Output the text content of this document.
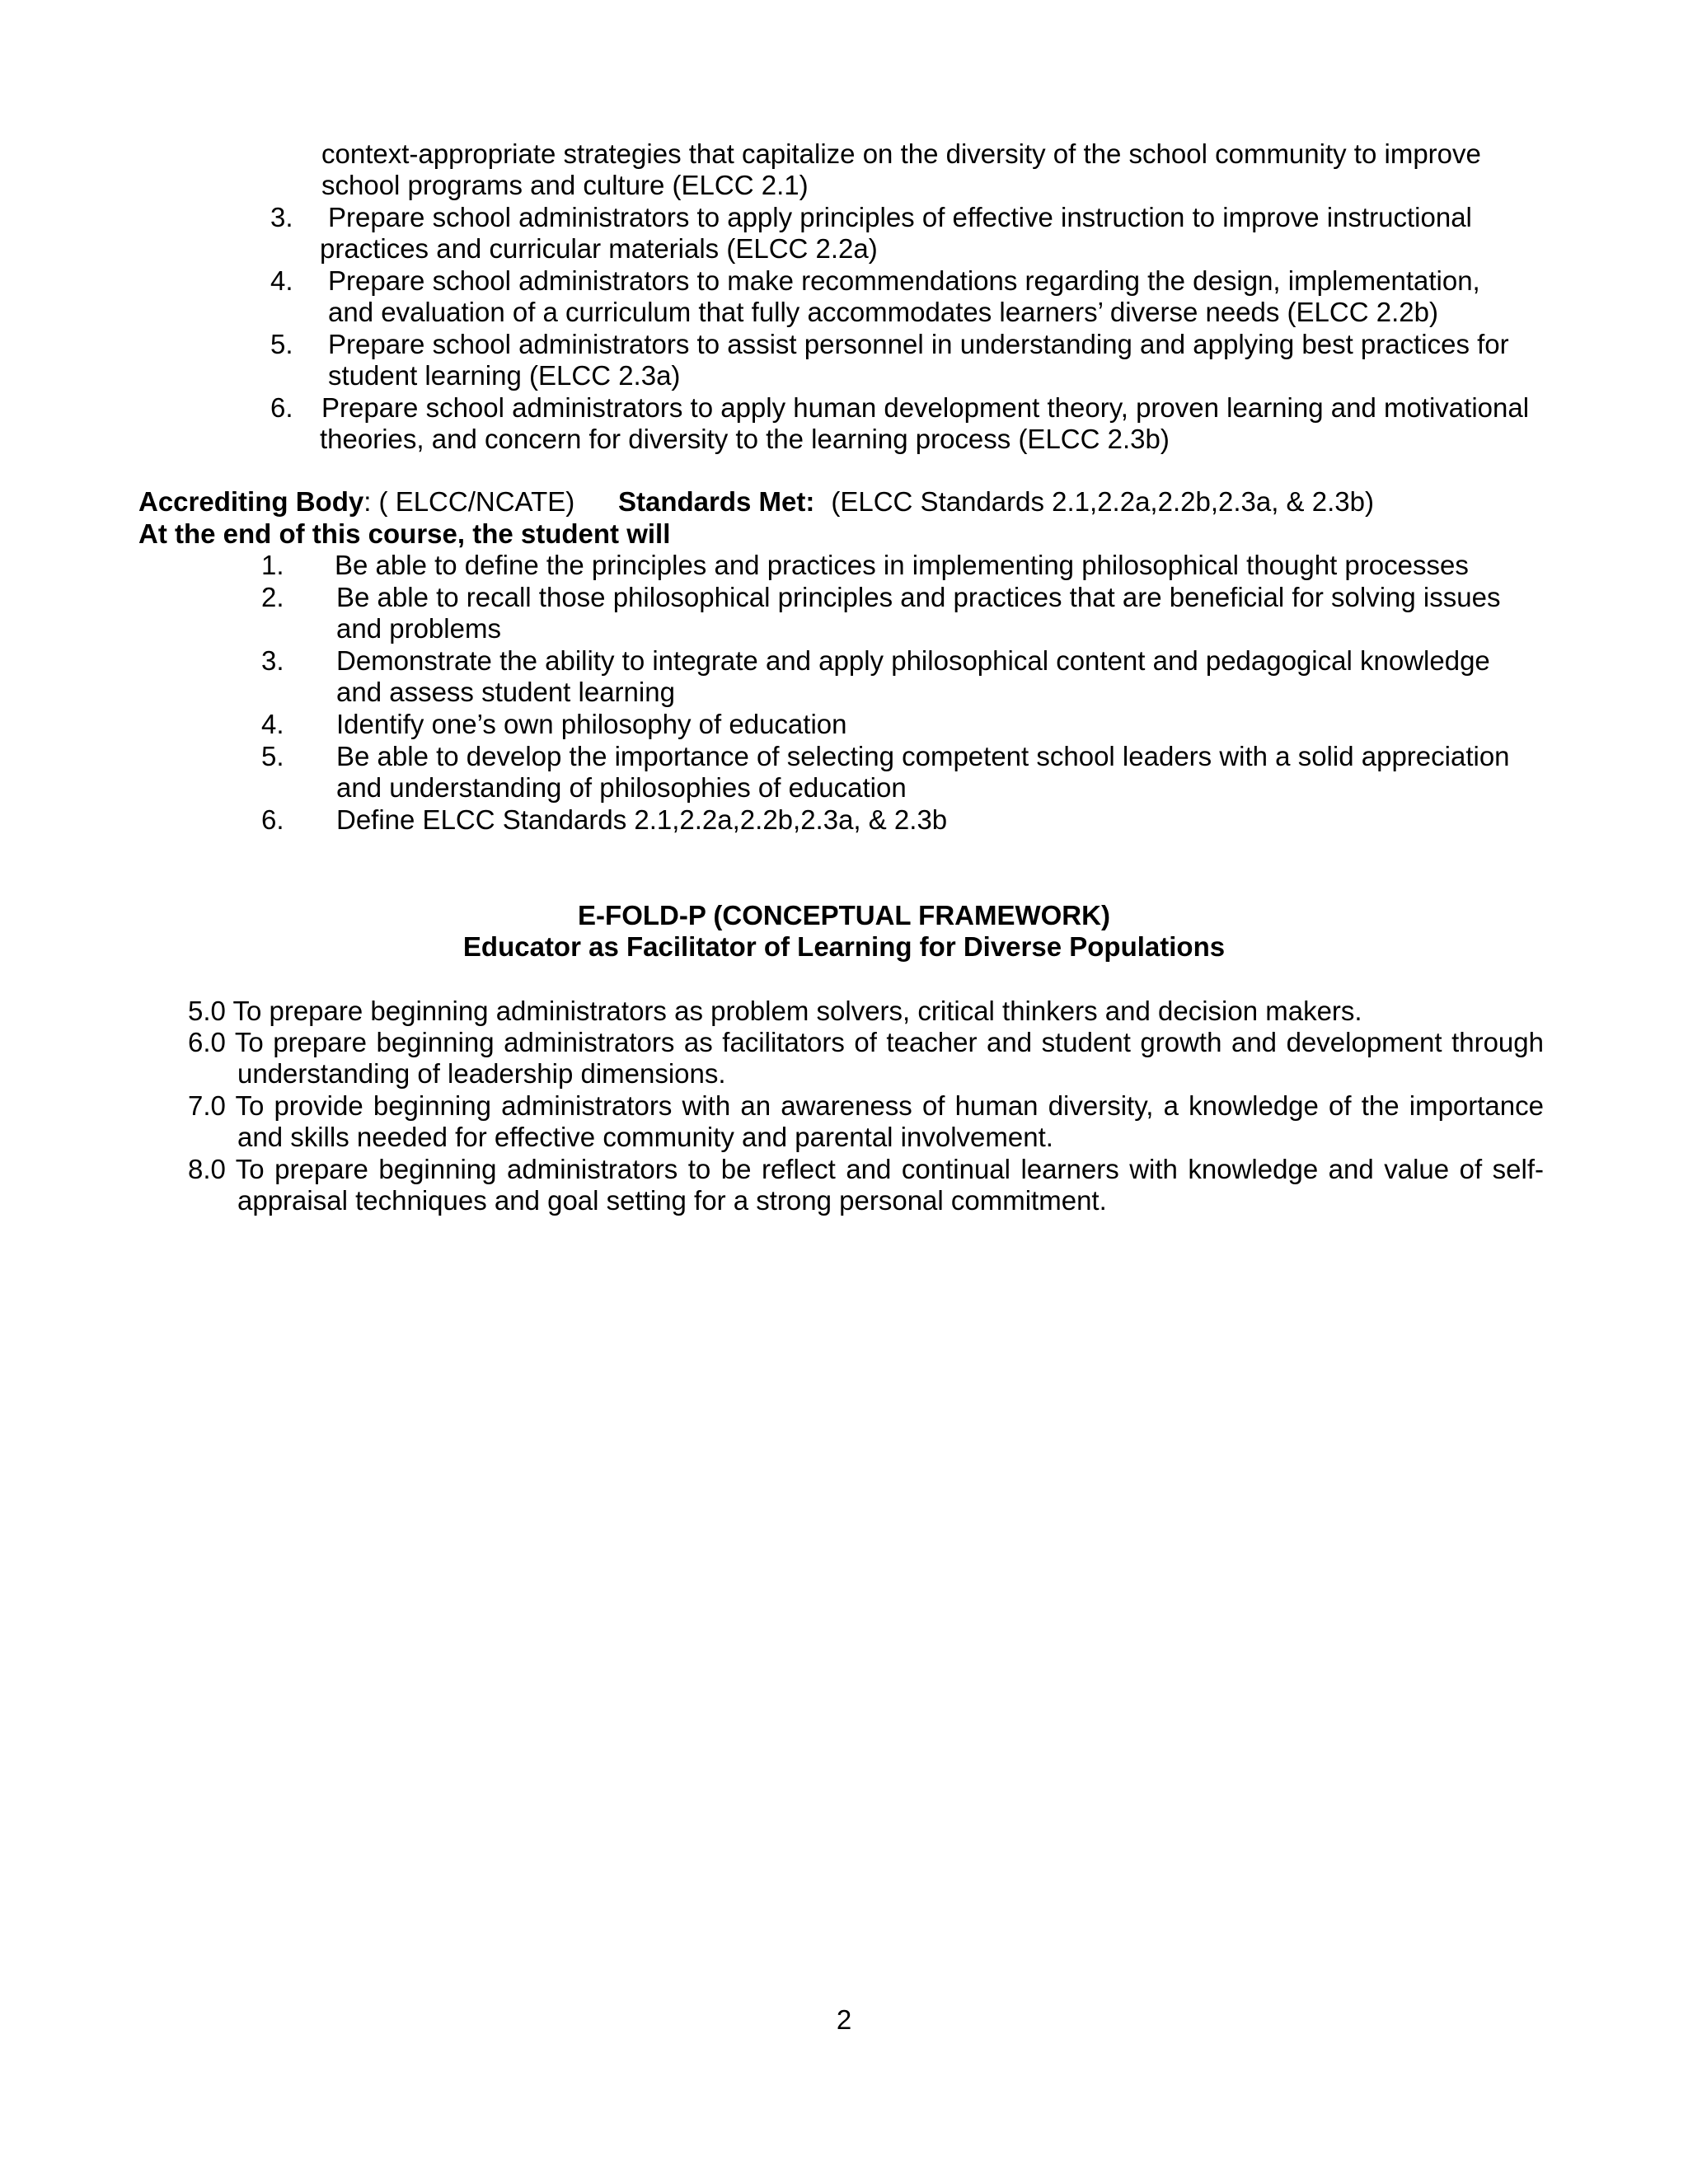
context-appropriate strategies that capitalize on the diversity of the school community to improve
school programs and culture (ELCC 2.1)
3. Prepare school administrators to apply principles of effective instruction to improve instructional
practices and curricular materials (ELCC 2.2a)
4. Prepare school administrators to make recommendations regarding the design, implementation,
and evaluation of a curriculum that fully accommodates learners’ diverse needs (ELCC 2.2b)
5. Prepare school administrators to assist personnel in understanding and applying best practices for
student learning (ELCC 2.3a)
6. Prepare school administrators to apply human development theory, proven learning and motivational
theories, and concern for diversity to the learning process (ELCC 2.3b)
Accrediting Body: ( ELCC/NCATE) Standards Met: (ELCC Standards 2.1,2.2a,2.2b,2.3a, & 2.3b)
At the end of this course, the student will
1. Be able to define the principles and practices in implementing philosophical thought processes
2. Be able to recall those philosophical principles and practices that are beneficial for solving issues
and problems
3. Demonstrate the ability to integrate and apply philosophical content and pedagogical knowledge
and assess student learning
4. Identify one’s own philosophy of education
5. Be able to develop the importance of selecting competent school leaders with a solid appreciation
and understanding of philosophies of education
6. Define ELCC Standards 2.1,2.2a,2.2b,2.3a, & 2.3b
E-FOLD-P (CONCEPTUAL FRAMEWORK)
Educator as Facilitator of Learning for Diverse Populations
5.0 To prepare beginning administrators as problem solvers, critical thinkers and decision makers.
6.0 To prepare beginning administrators as facilitators of teacher and student growth and development through
understanding of leadership dimensions.
7.0 To provide beginning administrators with an awareness of human diversity, a knowledge of the importance
and skills needed for effective community and parental involvement.
8.0 To prepare beginning administrators to be reflect and continual learners with knowledge and value of self-
appraisal techniques and goal setting for a strong personal commitment.
2
